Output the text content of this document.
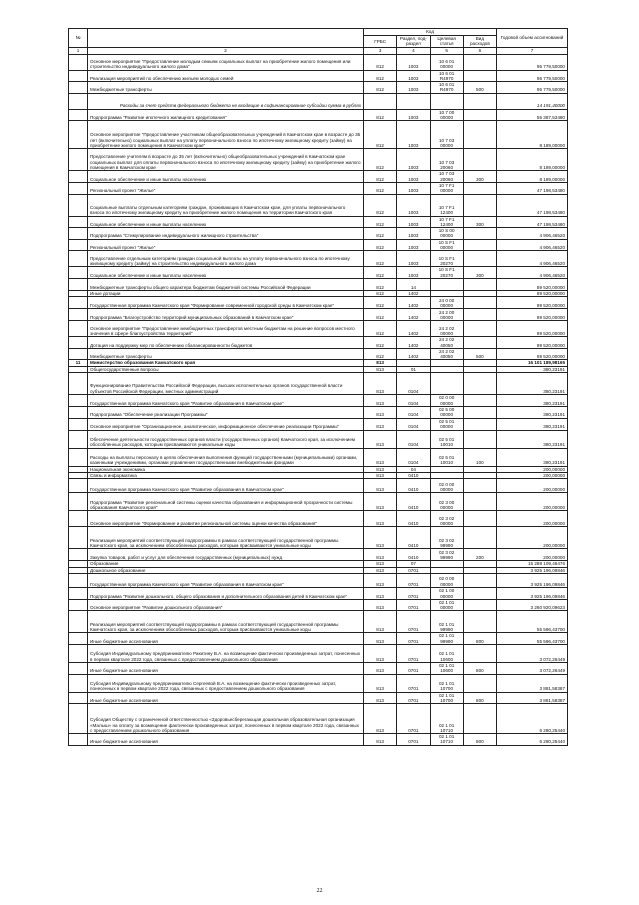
№		Код				Годовой объем ассигнований
		ГРБС	Раздел, под- раздел	Целевая статья	Вид расходов	
1	2	3	4	5	6	7
	Основное мероприятие "Предоставление молодым семьям социальных выплат на приобретение жилого помещения или строительство индивидуального жилого дома"	812	1003	10 6 01 00000		95 779,50000
	Реализация мероприятий по обеспечению жильем молодых семей	812	1003	10 6 01 R4970		95 779,50000
	Межбюджетные трансферты	812	1003	10 6 01 R4970	500	95 779,50000
	Расходы за счет средств федерального бюджета не входящие в софинансирование субсидии сумма в рублях					14 191,40000
	Подпрограмма "Развитие ипотечного жилищного кредитования"	812	1003	10 7 00 00000		55 387,53480
	Основное мероприятие "Предоставление участникам общеобразовательных учреждений в Камчатском крае в возрасте до 35 лет (включительно) социальных выплат на уплату первоначального взноса по ипотечному жилищному кредиту (займу) на приобретение жилого помещения в Камчатском крае"	812	1003	10 7 03 00000		8 189,00000
	Предоставление учителям в возрасте до 35 лет (включительно) общеобразовательных учреждений в Камчатском крае социальных выплат для оплаты первоначального взноса по ипотечному жилищному кредиту (займу) на приобретение жилого помещения в Камчатском крае	812	1003	10 7 03 20060		8 189,00000
	Социальное обеспечение и иные выплаты населению	812	1003	10 7 03 20060	300	8 189,00000
	Региональный проект "Жилье"	812	1003	10 7 F1 00000		47 198,53480
	Социальные выплаты отдельным категориям граждан, проживающих в Камчатском крае, для уплаты первоначального взноса по ипотечному жилищному кредиту на приобретение жилого помещения на территории Камчатского края	812	1003	10 7 F1 12400		47 198,53480
	Социальное обеспечение и иные выплаты населению	812	1003	10 7 F1 12400	300	47 198,53480
	Подпрограмма "Стимулирование индивидуального жилищного строительства"	812	1003	10 S 00 00000		4 906,46520
	Региональный проект "Жилье"	812	1003	10 S F1 00000		4 906,46520
	Предоставление отдельным категориям граждан социальной выплаты на уплату первоначального взноса по ипотечному жилищному кредиту (займу) на строительство индивидуального жилого дома	812	1003	10 S F1 20270		4 906,46520
	Социальное обеспечение и иные выплаты населению	812	1003	10 S F1 20270	300	4 906,46520
	Межбюджетные трансферты общего характера бюджетам бюджетной системы Российской Федерации	812	14			89 520,00000
	Иные дотации	812	1402			89 520,00000
	Государственная программа Камчатского края "Формирование современной городской среды в Камчатском крае"	812	1402	24 0 00 00000		89 520,00000
	Подпрограмма "Благоустройство территорий муниципальных образований в Камчатском крае"	812	1402	24 2 00 00000		89 520,00000
	Основное мероприятие "Предоставление межбюджетных трансфертов местным бюджетам на решение вопросов местного значения в сфере благоустройства территорий"	812	1402	24 2 02 00000		89 520,00000
	Дотация на поддержку мер по обеспечению сбалансированности бюджетов	812	1402	24 2 02 40050		89 520,00000
	Межбюджетные трансферты	812	1402	24 2 02 40050	500	89 520,00000
11	Министерство образования Камчатского края	813				16 101 189,98165
	Общегосударственные вопросы	813	01			380,23191
	Функционирование Правительства Российской Федерации, высших исполнительных органов государственной власти субъектов Российской Федерации, местных администраций	813	0104			380,23191
	Государственная программа Камчатского края "Развитие образования в Камчатском крае"	813	0104	02 0 00 00000		380,23191
	Подпрограмма "Обеспечение реализации Программы"	813	0104	02 5 00 00000		380,23191
	Основное мероприятие "Организационное, аналитическое, информационное обеспечение реализации Программы"	813	0104	02 5 01 00000		380,23191
	Обеспечение деятельности государственных органов власти (государственных органов) Камчатского края, за исключением обособленных расходов, которым присваиваются уникальные коды	813	0104	02 5 01 10010		380,23191
	Расходы на выплаты персоналу в целях обеспечения выполнения функций государственными (муниципальными) органами, казенными учреждениями, органами управления государственными внебюджетными фондами	813	0104	02 5 01 10010	100	380,23191
	Национальная экономика	813	04			200,00000
	Связь и информатика	813	0410			200,00000
	Государственная программа Камчатского края "Развитие образования в Камчатском крае"	813	0410	02 0 00 00000		200,00000
	Подпрограмма "Развитие региональной системы оценки качества образования и информационной прозрачности системы образования Камчатского края"	813	0410	02 3 00 00000		200,00000
	Основное мероприятие "Формирование и развитие региональной системы оценки качества образования"	813	0410	02 3 02 00000		200,00000
	Реализация мероприятий соответствующей подпрограммы в рамках соответствующей государственной программы Камчатского края, за исключением обособленных расходов, которым присваиваются уникальные коды	813	0410	02 3 02 99990		200,00000
	Закупка товаров, работ и услуг для обеспечения государственных (муниципальных) нужд	813	0410	02 3 02 99990	200	200,00000
	Образование	813	07			15 288 109,46476
	Дошкольное образование	813	0701			3 925 196,09846
	Государственная программа Камчатского края "Развитие образования в Камчатском крае"	813	0701	02 0 00 00000		3 925 196,09846
	Подпрограмма "Развитие дошкольного, общего образования и дополнительного образования детей в Камчатском крае"	813	0701	02 1 00 00000		3 925 196,09846
	Основное мероприятие "Развитие дошкольного образования"	813	0701	02 1 01 00000		3 260 920,09623
	Реализация мероприятий соответствующей подпрограммы в рамках соответствующей государственной программы Камчатского края, за исключением обособленных расходов, которым присваиваются уникальные коды	813	0701	02 1 01 99990		55 596,43700
	Иные бюджетные ассигнования	813	0701	02 1 01 99990	800	55 596,43700
	Субсидия Индивидуальному предпринимателю Ракитину В.А. на возмещение фактически произведенных затрат, понесенных в первом квартале 2022 года, связанных с предоставлением дошкольного образования	813	0701	02 1 01 10600		3 072,26449
	Иные бюджетные ассигнования	813	0701	02 1 01 10600	800	3 072,26449
	Субсидия Индивидуальному предпринимателю Сергеевой В.А. на возмещение фактически произведенных затрат, понесенных в первом квартале 2022 года, связанных с предоставлением дошкольного образования	813	0701	02 1 01 10700		3 881,58387
	Иные бюджетные ассигнования	813	0701	02 1 01 10700	800	3 881,58387
	Субсидия Обществу с ограниченной ответственностью «Здоровьесберегающая дошкольная образовательная организация «Малыш» на оплату за возмещение фактически произведенных затрат, понесенных в первом квартале 2022 года, связанных с предоставлением дошкольного образования	813	0701	02 1 01 10710		6 280,25440
	Иные бюджетные ассигнования	813	0701	02 1 01 10710	800	6 280,25440
22
